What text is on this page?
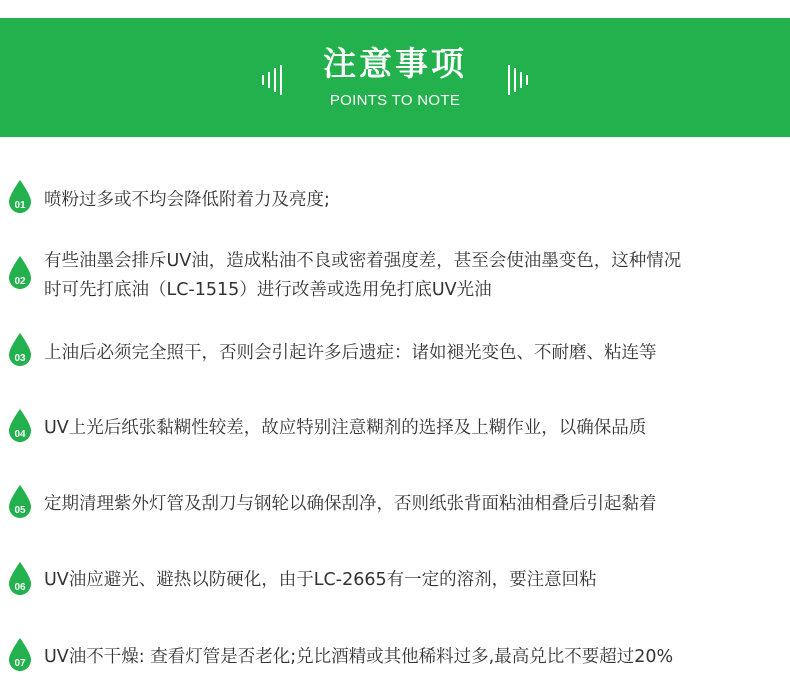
注意事项
POINTS TO NOTE
01 喷粉过多或不均会降低附着力及亮度;
02
有些油墨会排斥UV油，造成粘油不良或密着强度差，甚至会使油墨变色，这种情况
时可先打底油（LC-1515）进行改善或选用免打底UV光油
03 上油后必须完全照干，否则会引起许多后遗症：诸如褪光变色、不耐磨、粘连等
04 UV上光后纸张黏糊性较差，故应特别注意糊剂的选择及上糊作业，以确保品质
05 定期清理紫外灯管及刮刀与钢轮以确保刮净，否则纸张背面粘油相叠后引起黏着
06 UV油应避光、避热以防硬化，由于LC-2665有一定的溶剂，要注意回粘
07 UV油不干燥: 查看灯管是否老化;兑比酒精或其他稀料过多,最高兑比不要超过20%
